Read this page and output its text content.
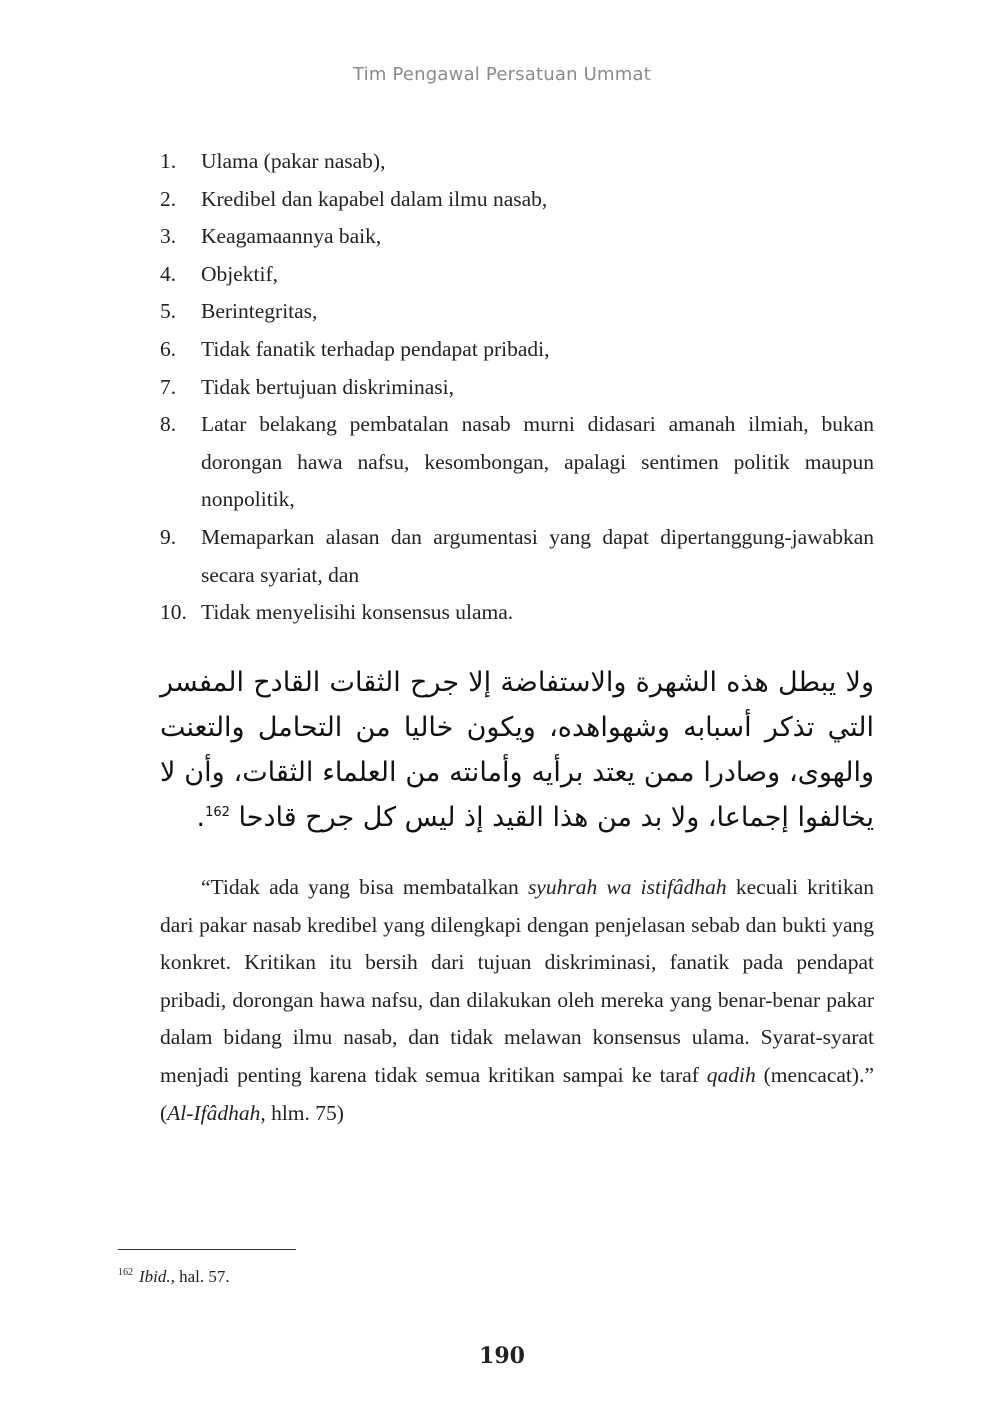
Tim Pengawal Persatuan Ummat
1. Ulama (pakar nasab),
2. Kredibel dan kapabel dalam ilmu nasab,
3. Keagamaannya baik,
4. Objektif,
5. Berintegritas,
6. Tidak fanatik terhadap pendapat pribadi,
7. Tidak bertujuan diskriminasi,
8. Latar belakang pembatalan nasab murni didasari amanah ilmiah, bukan dorongan hawa nafsu, kesombongan, apalagi sentimen politik maupun nonpolitik,
9. Memaparkan alasan dan argumentasi yang dapat dipertanggung-jawabkan secara syariat, dan
10. Tidak menyelisihi konsensus ulama.
ولا يبطل هذه الشهرة والاستفاضة إلا جرح الثقات القادح المفسر التي تذكر أسبابه وشهواهده، ويكون خاليا من التحامل والتعنت والهوى، وصادرا ممن يعتد برأيه وأمانته من العلماء الثقات، وأن لا يخالفوا إجماعا، ولا بد من هذا القيد إذ ليس كل جرح قادحا $^{162}$.

“Tidak ada yang bisa membatalkan syuhrah wa istifâdhah kecuali kritikan dari pakar nasab kredibel yang dilengkapi dengan penjelasan sebab dan bukti yang konkret. Kritikan itu bersih dari tujuan diskriminasi, fanatik pada pendapat pribadi, dorongan hawa nafsu, dan dilakukan oleh mereka yang benar-benar pakar dalam bidang ilmu nasab, dan tidak melawan konsensus ulama. Syarat-syarat menjadi penting karena tidak semua kritikan sampai ke taraf qadih (mencacat).” (Al-Ifâdhah, hlm. 75)

$^{162}$ Ibid., hal. 57.
190
